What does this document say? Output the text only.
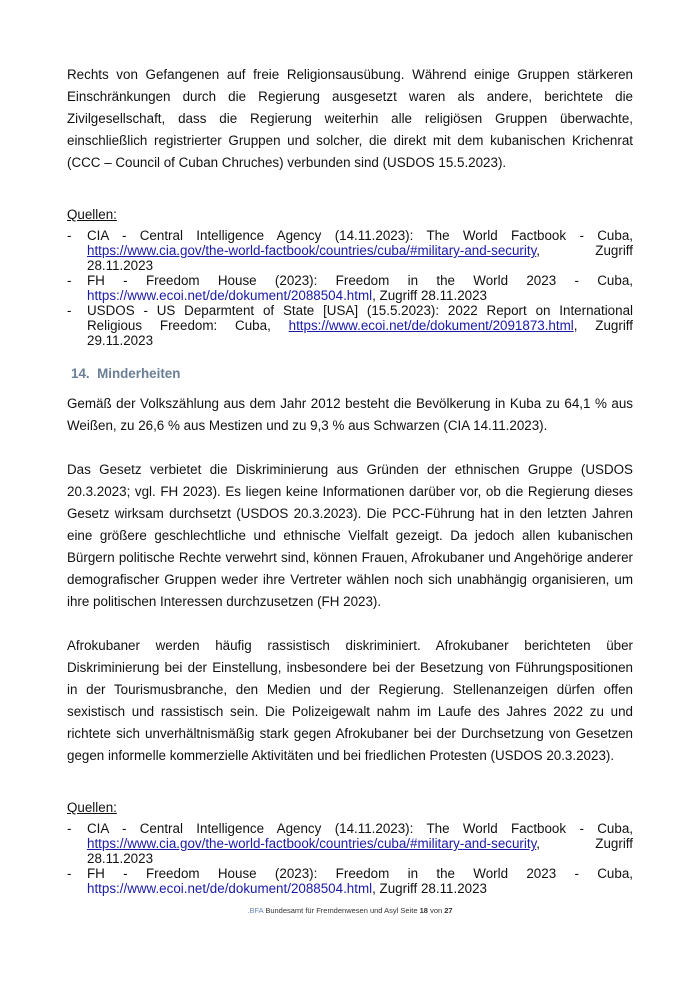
Rechts von Gefangenen auf freie Religionsausübung. Während einige Gruppen stärkeren Einschränkungen durch die Regierung ausgesetzt waren als andere, berichtete die Zivilgesellschaft, dass die Regierung weiterhin alle religiösen Gruppen überwachte, einschließlich registrierter Gruppen und solcher, die direkt mit dem kubanischen Krichenrat (CCC – Council of Cuban Chruches) verbunden sind (USDOS 15.5.2023).

Quellen:

- CIA - Central Intelligence Agency (14.11.2023): The World Factbook - Cuba, https://www.cia.gov/the-world-factbook/countries/cuba/#military-and-security, Zugriff 28.11.2023
- FH - Freedom House (2023): Freedom in the World 2023 - Cuba, https://www.ecoi.net/de/dokument/2088504.html, Zugriff 28.11.2023
- USDOS - US Deparmtent of State [USA] (15.5.2023): 2022 Report on International Religious Freedom: Cuba, https://www.ecoi.net/de/dokument/2091873.html, Zugriff 29.11.2023
14. Minderheiten

Gemäß der Volkszählung aus dem Jahr 2012 besteht die Bevölkerung in Kuba zu 64,1 % aus Weißen, zu 26,6 % aus Mestizen und zu 9,3 % aus Schwarzen (CIA 14.11.2023).

Das Gesetz verbietet die Diskriminierung aus Gründen der ethnischen Gruppe (USDOS 20.3.2023; vgl. FH 2023). Es liegen keine Informationen darüber vor, ob die Regierung dieses Gesetz wirksam durchsetzt (USDOS 20.3.2023). Die PCC-Führung hat in den letzten Jahren eine größere geschlechtliche und ethnische Vielfalt gezeigt. Da jedoch allen kubanischen Bürgern politische Rechte verwehrt sind, können Frauen, Afrokubaner und Angehörige anderer demografischer Gruppen weder ihre Vertreter wählen noch sich unabhängig organisieren, um ihre politischen Interessen durchzusetzen (FH 2023).

Afrokubaner werden häufig rassistisch diskriminiert. Afrokubaner berichteten über Diskriminierung bei der Einstellung, insbesondere bei der Besetzung von Führungspositionen in der Tourismusbranche, den Medien und der Regierung. Stellenanzeigen dürfen offen sexistisch und rassistisch sein. Die Polizeigewalt nahm im Laufe des Jahres 2022 zu und richtete sich unverhältnismäßig stark gegen Afrokubaner bei der Durchsetzung von Gesetzen gegen informelle kommerzielle Aktivitäten und bei friedlichen Protesten (USDOS 20.3.2023).

Quellen:

- CIA - Central Intelligence Agency (14.11.2023): The World Factbook - Cuba, https://www.cia.gov/the-world-factbook/countries/cuba/#military-and-security, Zugriff 28.11.2023
- FH - Freedom House (2023): Freedom in the World 2023 - Cuba, https://www.ecoi.net/de/dokument/2088504.html, Zugriff 28.11.2023
.BFA Bundesamt für Fremdenwesen und Asyl Seite 18 von 27
